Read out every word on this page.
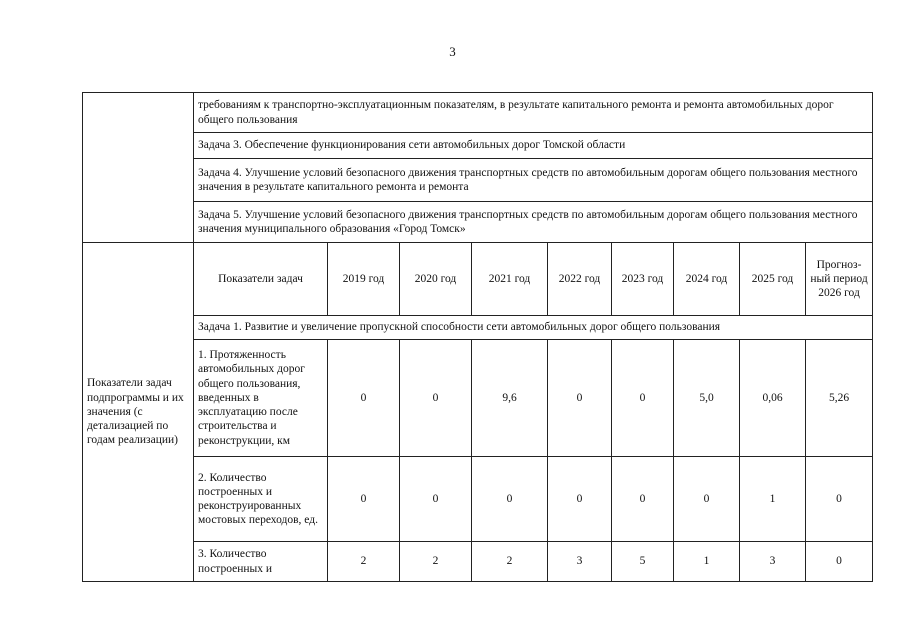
3
	требованиям к транспортно-эксплуатационным показателям, в результате капитального ремонта и ремонта автомобильных дорог общего пользования								
	Задача 3. Обеспечение функционирования сети автомобильных дорог Томской области								
	Задача 4. Улучшение условий безопасного движения транспортных средств по автомобильным дорогам общего пользования местного значения в результате капитального ремонта и ремонта								
	Задача 5. Улучшение условий безопасного движения транспортных средств по автомобильным дорогам общего пользования местного значения муниципального образования «Город Томск»								
Показатели задач подпрограммы и их значения (с детализацией по годам реализации)	Показатели задач	2019 год	2020 год	2021 год	2022 год	2023 год	2024 год	2025 год	Прогноз-ный период 2026 год
	Задача 1. Развитие и увеличение пропускной способности сети автомобильных дорог общего пользования								
	1. Протяженность автомобильных дорог общего пользования, введенных в эксплуатацию после строительства и реконструкции, км	0	0	9,6	0	0	5,0	0,06	5,26
	2. Количество построенных и реконструированных мостовых переходов, ед.	0	0	0	0	0	0	1	0
	3. Количество построенных и	2	2	2	3	5	1	3	0
